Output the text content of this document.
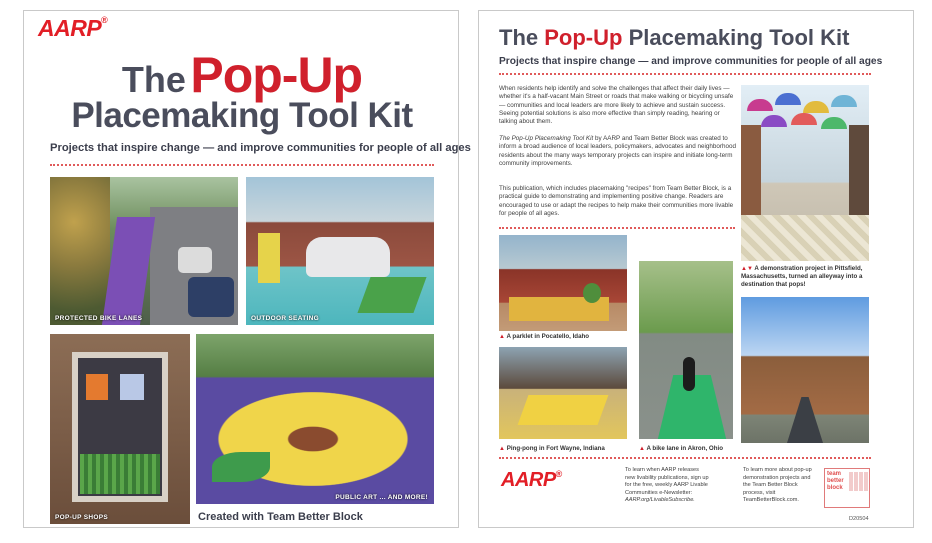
AARP®
The Pop-Up
Placemaking Tool Kit
Projects that inspire change — and improve communities for people of all ages
PROTECTED BIKE LANES	OUTDOOR SEATING
POP-UP SHOPS
PUBLIC ART ... AND MORE!
Created with Team Better Block
The Pop-Up Placemaking Tool Kit
Projects that inspire change — and improve communities for people of all ages
When residents help identify and solve the challenges that affect their daily lives — whether it's a half-vacant Main Street or roads that make walking or bicycling unsafe — communities and local leaders are more likely to achieve and sustain success. Seeing potential solutions is also more effective than simply reading, hearing or talking about them.
The Pop-Up Placemaking Tool Kit by AARP and Team Better Block was created to inform a broad audience of local leaders, policymakers, advocates and neighborhood residents about the many ways temporary projects can inspire and initiate long-term community improvements.
This publication, which includes placemaking "recipes" from Team Better Block, is a practical guide to demonstrating and implementing positive change. Readers are encouraged to use or adapt the recipes to help make their communities more livable for people of all ages.
▲▼ A demonstration project in Pittsfield, Massachusetts, turned an alleyway into a destination that pops!
▲ A parklet in Pocatello, Idaho
▲ Ping-pong in Fort Wayne, Indiana	▲ A bike lane in Akron, Ohio
AARP®	To learn when AARP releases new livability publications, sign up for the free, weekly AARP Livable Communities e-Newsletter: AARP.org/LivableSubscribe.
To learn more about pop-up demonstration projects and the Team Better Block process, visit TeamBetterBlock.com.
team better block
D20504
